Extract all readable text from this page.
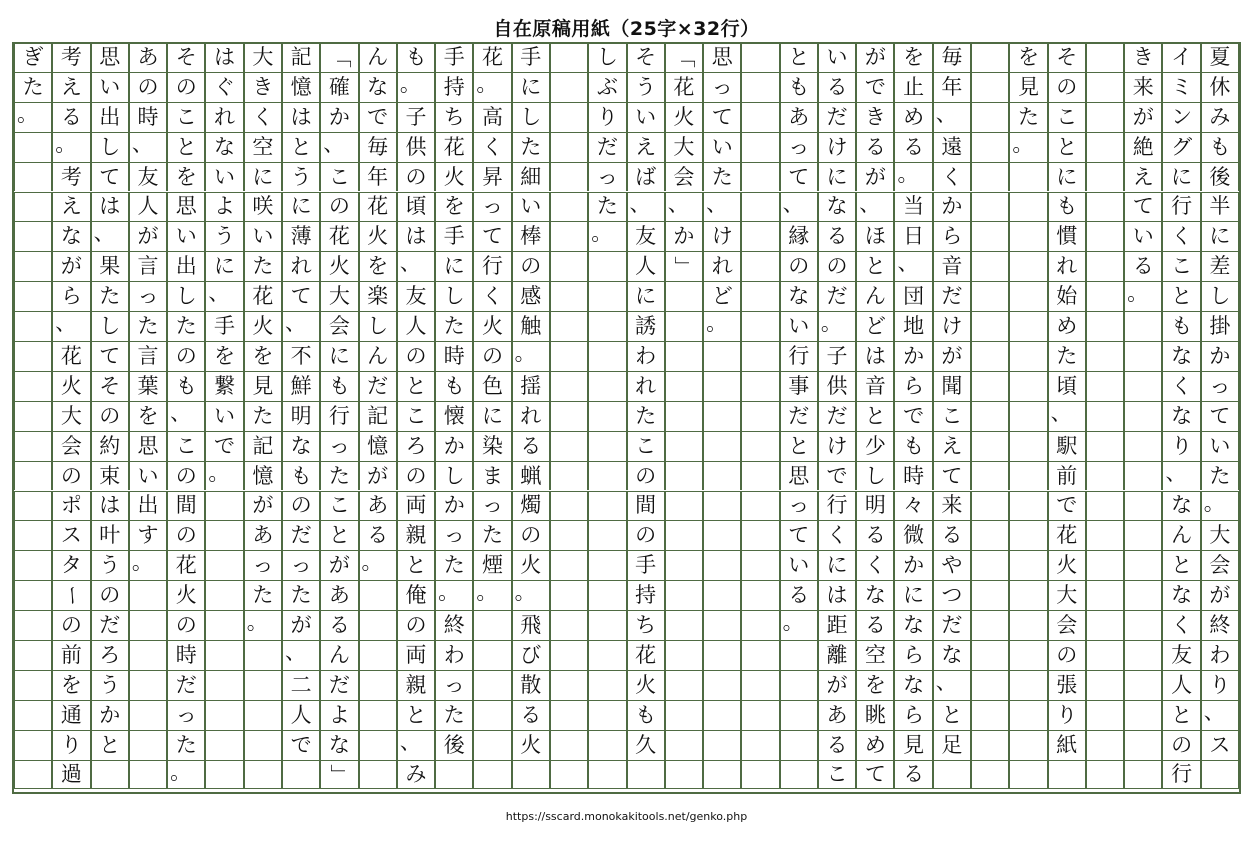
自在原稿用紙（25字×32行）
夏
休
み
も
後
半
に
差
し
掛
か
っ
て
い
た
。
大
会
が
終
わ
り
、
ス
イ
ミ
ン
グ
に
行
く
こ
と
も
な
く
な
り
、
な
ん
と
な
く
友
人
と
の
行
き
来
が
絶
え
て
い
る
。
そ
の
こ
と
に
も
慣
れ
始
め
た
頃
、
駅
前
で
花
火
大
会
の
張
り
紙
を
見
た
。
毎
年
、
遠
く
か
ら
音
だ
け
が
聞
こ
え
て
来
る
や
つ
だ
な
、
と
足
を
止
め
る
。
当
日
、
団
地
か
ら
で
も
時
々
微
か
に
な
ら
な
ら
見
る
が
で
き
る
が
、
ほ
と
ん
ど
は
音
と
少
し
明
る
く
な
る
空
を
眺
め
て
い
る
だ
け
に
な
る
の
だ
。
子
供
だ
け
で
行
く
に
は
距
離
が
あ
る
こ
と
も
あ
っ
て
、
縁
の
な
い
行
事
だ
と
思
っ
て
い
る
。
思
っ
て
い
た
、
け
れ
ど
。
「
花
火
大
会
、
か
」
そ
う
い
え
ば
、
友
人
に
誘
わ
れ
た
こ
の
間
の
手
持
ち
花
火
も
久
し
ぶ
り
だ
っ
た
。
手
に
し
た
細
い
棒
の
感
触
。
揺
れ
る
蝋
燭
の
火
。
飛
び
散
る
火
花
。
高
く
昇
っ
て
行
く
火
の
色
に
染
ま
っ
た
煙
。
手
持
ち
花
火
を
手
に
し
た
時
も
懐
か
し
か
っ
た
。
終
わ
っ
た
後
も
。
子
供
の
頃
は
、
友
人
の
と
こ
ろ
の
両
親
と
俺
の
両
親
と
、
み
ん
な
で
毎
年
花
火
を
楽
し
ん
だ
記
憶
が
あ
る
。
「
確
か
、
こ
の
花
火
大
会
に
も
行
っ
た
こ
と
が
あ
る
ん
だ
よ
な
」
記
憶
は
と
う
に
薄
れ
て
、
不
鮮
明
な
も
の
だ
っ
た
が
、
二
人
で
大
き
く
空
に
咲
い
た
花
火
を
見
た
記
憶
が
あ
っ
た
。
は
ぐ
れ
な
い
よ
う
に
、
手
を
繋
い
で
。
そ
の
こ
と
を
思
い
出
し
た
の
も
、
こ
の
間
の
花
火
の
時
だ
っ
た
。
あ
の
時
、
友
人
が
言
っ
た
言
葉
を
思
い
出
す
。
思
い
出
し
て
は
、
果
た
し
て
そ
の
約
束
は
叶
う
の
だ
ろ
う
か
と
考
え
る
。
考
え
な
が
ら
、
花
火
大
会
の
ポ
ス
タ
ー
の
前
を
通
り
過
ぎ
た
。
https://sscard.monokakitools.net/genko.php
